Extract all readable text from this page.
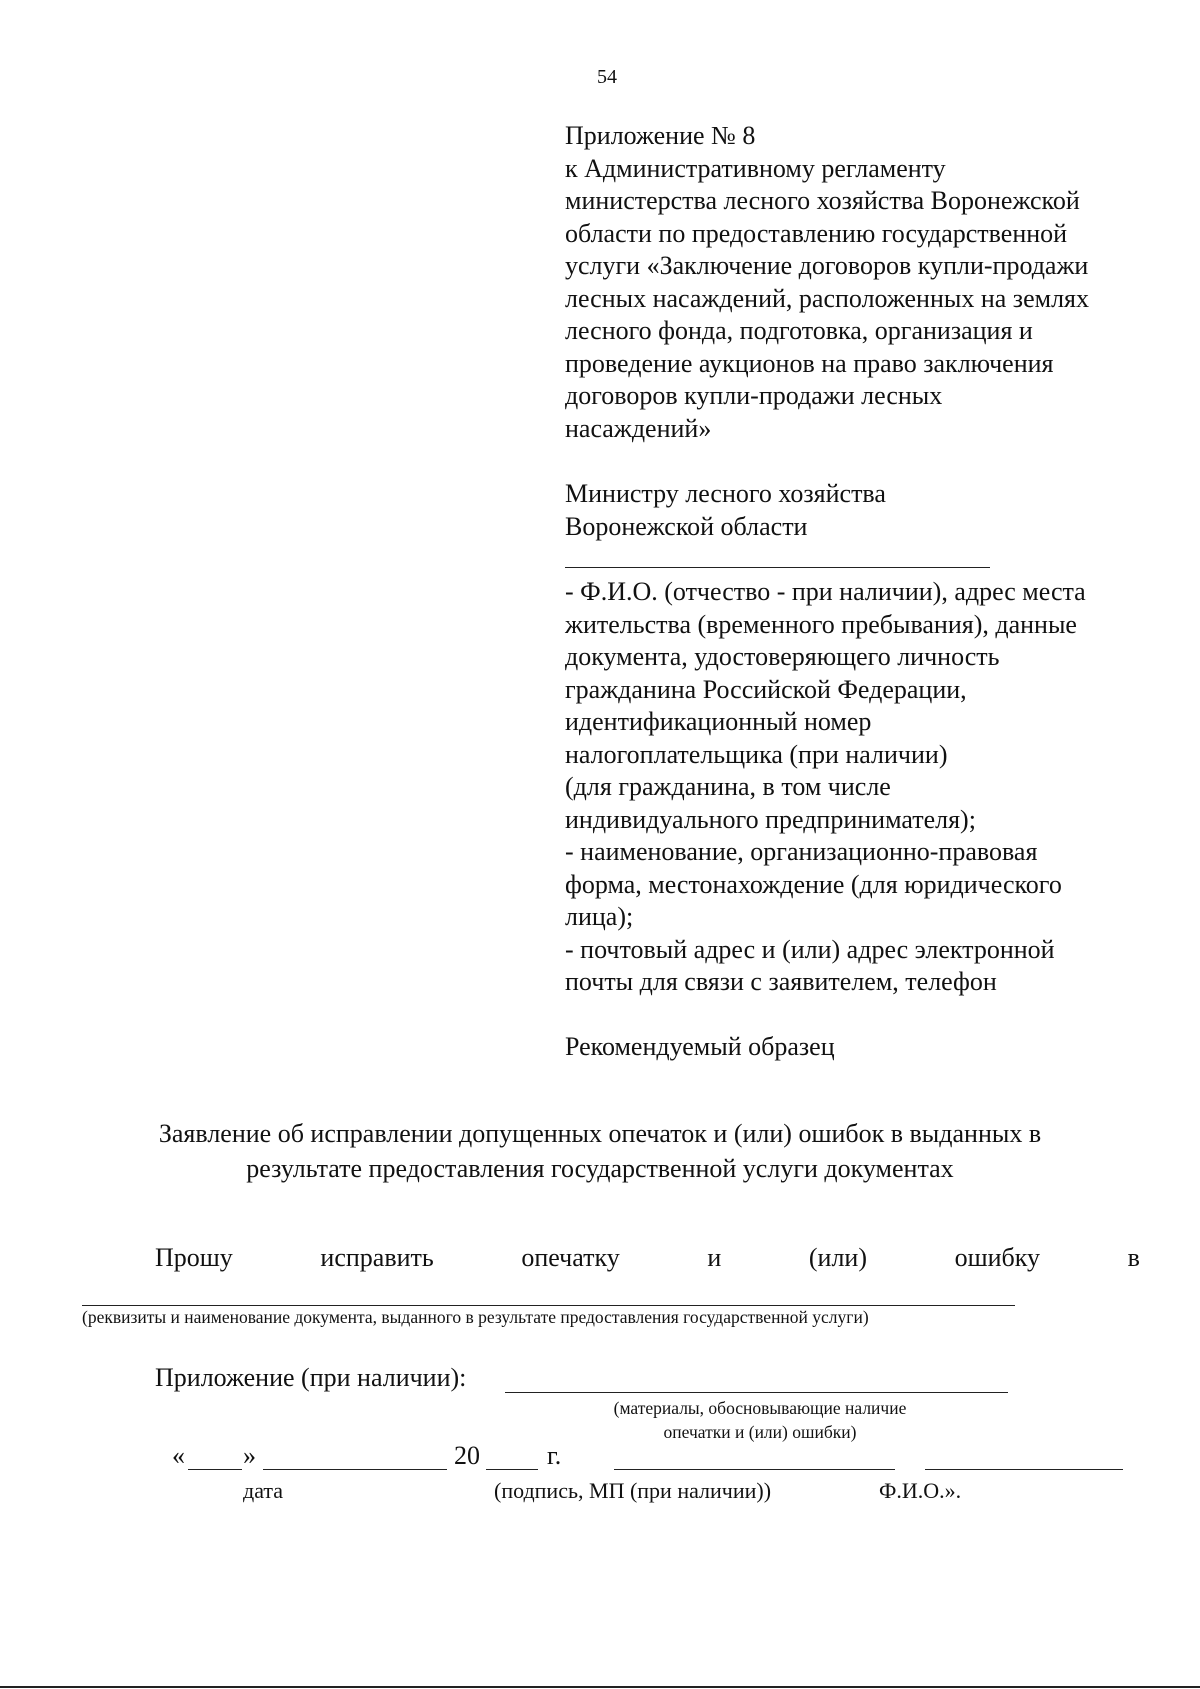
54
Приложение № 8
к Административному регламенту
министерства лесного хозяйства Воронежской
области по предоставлению государственной
услуги «Заключение договоров купли-продажи
лесных насаждений, расположенных на землях
лесного фонда, подготовка, организация и
проведение аукционов на право заключения
договоров купли-продажи лесных
насаждений»
Министру лесного хозяйства
Воронежской области
- Ф.И.О. (отчество - при наличии), адрес места
жительства (временного пребывания), данные
документа, удостоверяющего личность
гражданина Российской Федерации,
идентификационный номер
налогоплательщика (при наличии)
(для гражданина, в том числе
индивидуального предпринимателя);
- наименование, организационно-правовая
форма, местонахождение (для юридического
лица);
- почтовый адрес и (или) адрес электронной
почты для связи с заявителем, телефон
Рекомендуемый образец
Заявление об исправлении допущенных опечаток и (или) ошибок в выданных в
результате предоставления государственной услуги документах
Прошу	исправить	опечатку	и	(или)	ошибку	в
(реквизиты и наименование документа, выданного в результате предоставления государственной услуги)
Приложение (при наличии):
(материалы, обосновывающие наличие
опечатки и (или) ошибки)
« »	20	г.
дата	(подпись, МП (при наличии))	Ф.И.О.».
